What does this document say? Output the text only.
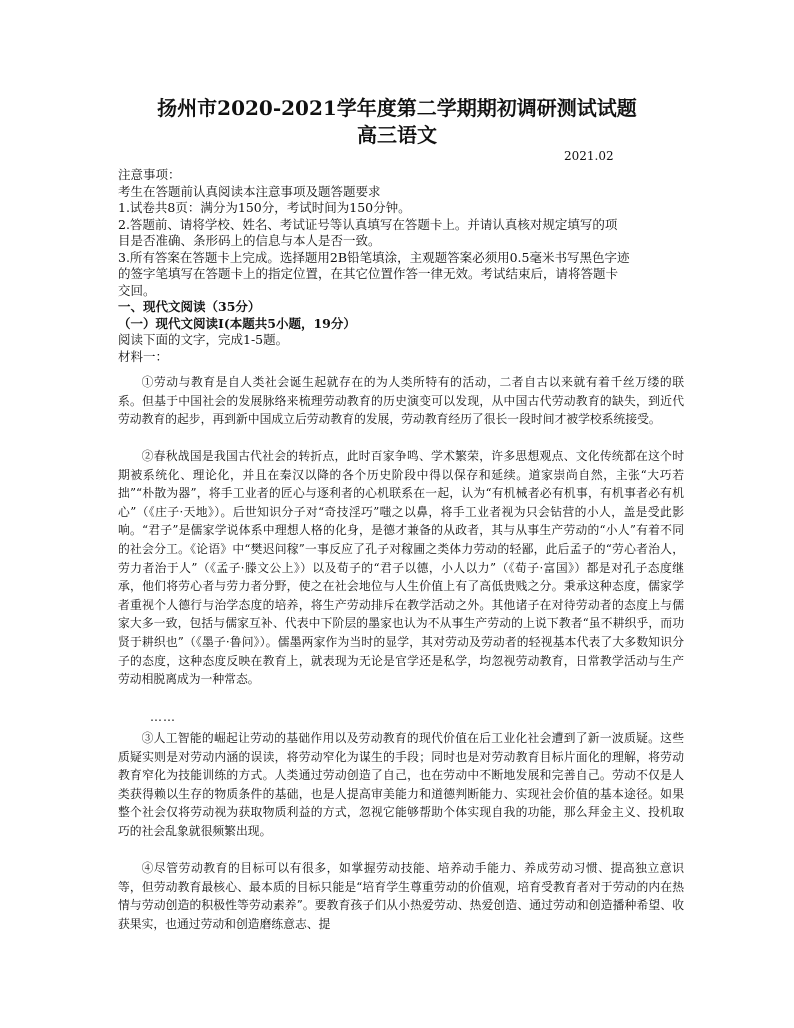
扬州市2020-2021学年度第二学期期初调研测试试题
高三语文
2021.02
注意事项：
考生在答题前认真阅读本注意事项及题答题要求
1.试卷共8页：满分为150分，考试时间为150分钟。
2.答题前、请将学校、姓名、考试证号等认真填写在答题卡上。并请认真核对规定填写的项
目是否准确、条形码上的信息与本人是否一致。
3.所有答案在答题卡上完成。选择题用2B铅笔填涂，主观题答案必须用0.5毫米书写黑色字迹
的签字笔填写在答题卡上的指定位置，在其它位置作答一律无效。考试结束后，请将答题卡
交回。
一、现代文阅读（35分）
（一）现代文阅读Ⅰ(本题共5小题，19分）
阅读下面的文字，完成1-5题。
材料一：

①劳动与教育是自人类社会诞生起就存在的为人类所特有的活动，二者自古以来就有着千丝万缕的联系。但基于中国社会的发展脉络来梳理劳动教育的历史演变可以发现，从中国古代劳动教育的缺失，到近代劳动教育的起步，再到新中国成立后劳动教育的发展，劳动教育经历了很长一段时间才被学校系统接受。

②春秋战国是我国古代社会的转折点，此时百家争鸣、学术繁荣，许多思想观点、文化传统都在这个时期被系统化、理论化，并且在秦汉以降的各个历史阶段中得以保存和延续。道家崇尚自然，主张“大巧若拙”“朴散为器”，将手工业者的匠心与逐利者的心机联系在一起，认为“有机械者必有机事，有机事者必有机心”（《庄子·天地》）。后世知识分子对“奇技淫巧”嗤之以鼻，将手工业者视为只会钻营的小人，盖是受此影响。“君子”是儒家学说体系中理想人格的化身，是德才兼备的从政者，其与从事生产劳动的“小人”有着不同的社会分工。《论语》中“樊迟问稼”一事反应了孔子对稼圃之类体力劳动的轻鄙，此后孟子的“劳心者治人，劳力者治于人”（《孟子·滕文公上》）以及荀子的“君子以德，小人以力”（《荀子·富国》）都是对孔子态度继承，他们将劳心者与劳力者分野，使之在社会地位与人生价值上有了高低贵贱之分。秉承这种态度，儒家学者重视个人德行与治学态度的培养，将生产劳动排斥在教学活动之外。其他诸子在对待劳动者的态度上与儒家大多一致，包括与儒家互补、代表中下阶层的墨家也认为不从事生产劳动的上说下教者“虽不耕织乎，而功贤于耕织也”（《墨子·鲁问》）。儒墨两家作为当时的显学，其对劳动及劳动者的轻视基本代表了大多数知识分子的态度，这种态度反映在教育上，就表现为无论是官学还是私学，均忽视劳动教育，日常教学活动与生产劳动相脱离成为一种常态。

……

③人工智能的崛起让劳动的基础作用以及劳动教育的现代价值在后工业化社会遭到了新一波质疑。这些质疑实则是对劳动内涵的误读，将劳动窄化为谋生的手段；同时也是对劳动教育目标片面化的理解，将劳动教育窄化为技能训练的方式。人类通过劳动创造了自己，也在劳动中不断地发展和完善自己。劳动不仅是人类获得赖以生存的物质条件的基础，也是人提高审美能力和道德判断能力、实现社会价值的基本途径。如果整个社会仅将劳动视为获取物质利益的方式，忽视它能够帮助个体实现自我的功能，那么拜金主义、投机取巧的社会乱象就很频繁出现。

④尽管劳动教育的目标可以有很多，如掌握劳动技能、培养动手能力、养成劳动习惯、提高独立意识等，但劳动教育最核心、最本质的目标只能是“培育学生尊重劳动的价值观，培育受教育者对于劳动的内在热情与劳动创造的积极性等劳动素养”。要教育孩子们从小热爱劳动、热爱创造、通过劳动和创造播种希望、收获果实，也通过劳动和创造磨练意志、提
